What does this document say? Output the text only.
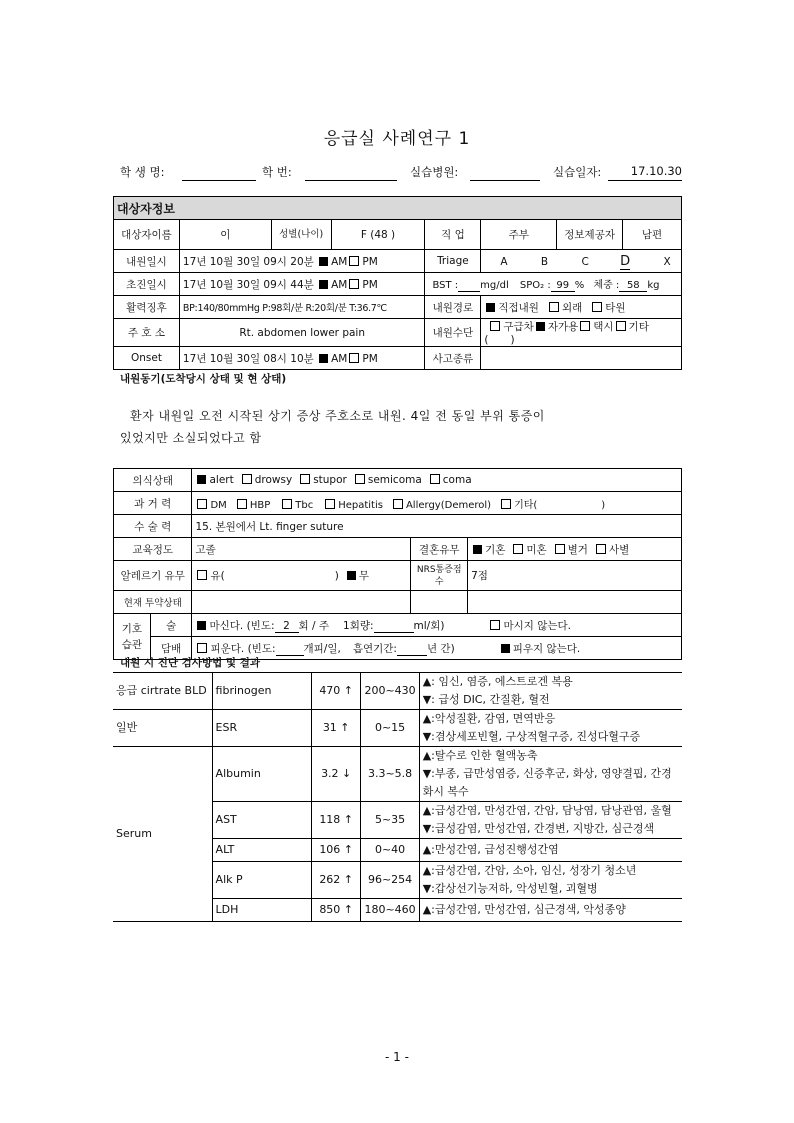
응급실 사례연구 1
학 생 명:	학 번:	실습병원:	실습일자:	17.10.30
대상자정보							
대상자이름	이	성별(나이)	F (48 )	직 업	주부	정보제공자	남편
내원일시	17년 10월 30일 09시 20분 AM PM			Triage	A B C D X		
초진일시	17년 10월 30일 09시 44분 AM PM			BST : mg/dl SPO₂ : 99 % 체중 : 58 kg			
활력징후	BP:140/80mmHg P:98회/분 R:20회/분 T:36.7℃			내원경로	직접내원 외래 타원		
주 호 소	Rt. abdomen lower pain			내원수단	구급차 자가용 택시 기타( )		
Onset	17년 10월 30일 08시 10분 AM PM			사고종류			
내원동기(도착당시 상태 및 현 상태)
환자 내원일 오전 시작된 상기 증상 주호소로 내원. 4일 전 동일 부위 통증이
있었지만 소실되었다고 함
의식상태		alert drowsy stupor semicoma coma		
과 거 력		DM HBP Tbc Hepatitis Allergy(Demerol) 기타( )		
수 술 력		15. 본원에서 Lt. finger suture		
교육정도		고졸	결혼유무	기혼 미혼 별거 사별
알레르기 유무		유( ) 무	NRS통증점수	7점
현재 투약상태				
기호습관	술	마신다. (빈도: 2 회 / 주 1회량: ml/회) 마시지 않는다.		
	담배	피운다. (빈도: 개피/일, 흡연기간: 년 간) 피우지 않는다.		
내원 시 진단 검사방법 및 결과
응급 cirtrate BLD	fibrinogen	470 ↑	200~430	▲: 임신, 염증, 에스트로겐 복용
▼: 급성 DIC, 간질환, 혈전

일반	ESR	31 ↑	0~15	▲:악성질환, 감염, 면역반응
▼:겸상세포빈혈, 구상적혈구증, 진성다혈구증

Serum	Albumin	3.2 ↓	3.3~5.8	▲:탈수로 인한 혈액농축
▼:부종, 급만성염증, 신증후군, 화상, 영양결핍, 간경화시 복수

	AST	118 ↑	5~35	▲:급성간염, 만성간염, 간암, 담낭염, 담낭관염, 울혈
▼:급성감염, 만성간염, 간경변, 지방간, 심근경색

	ALT	106 ↑	0~40	▲:만성간염, 급성진행성간염

	Alk P	262 ↑	96~254	▲:급성간염, 간암, 소아, 임신, 성장기 청소년
▼:갑상선기능저하, 악성빈혈, 괴혈병

	LDH	850 ↑	180~460	▲:급성간염, 만성간염, 심근경색, 악성종양
- 1 -
